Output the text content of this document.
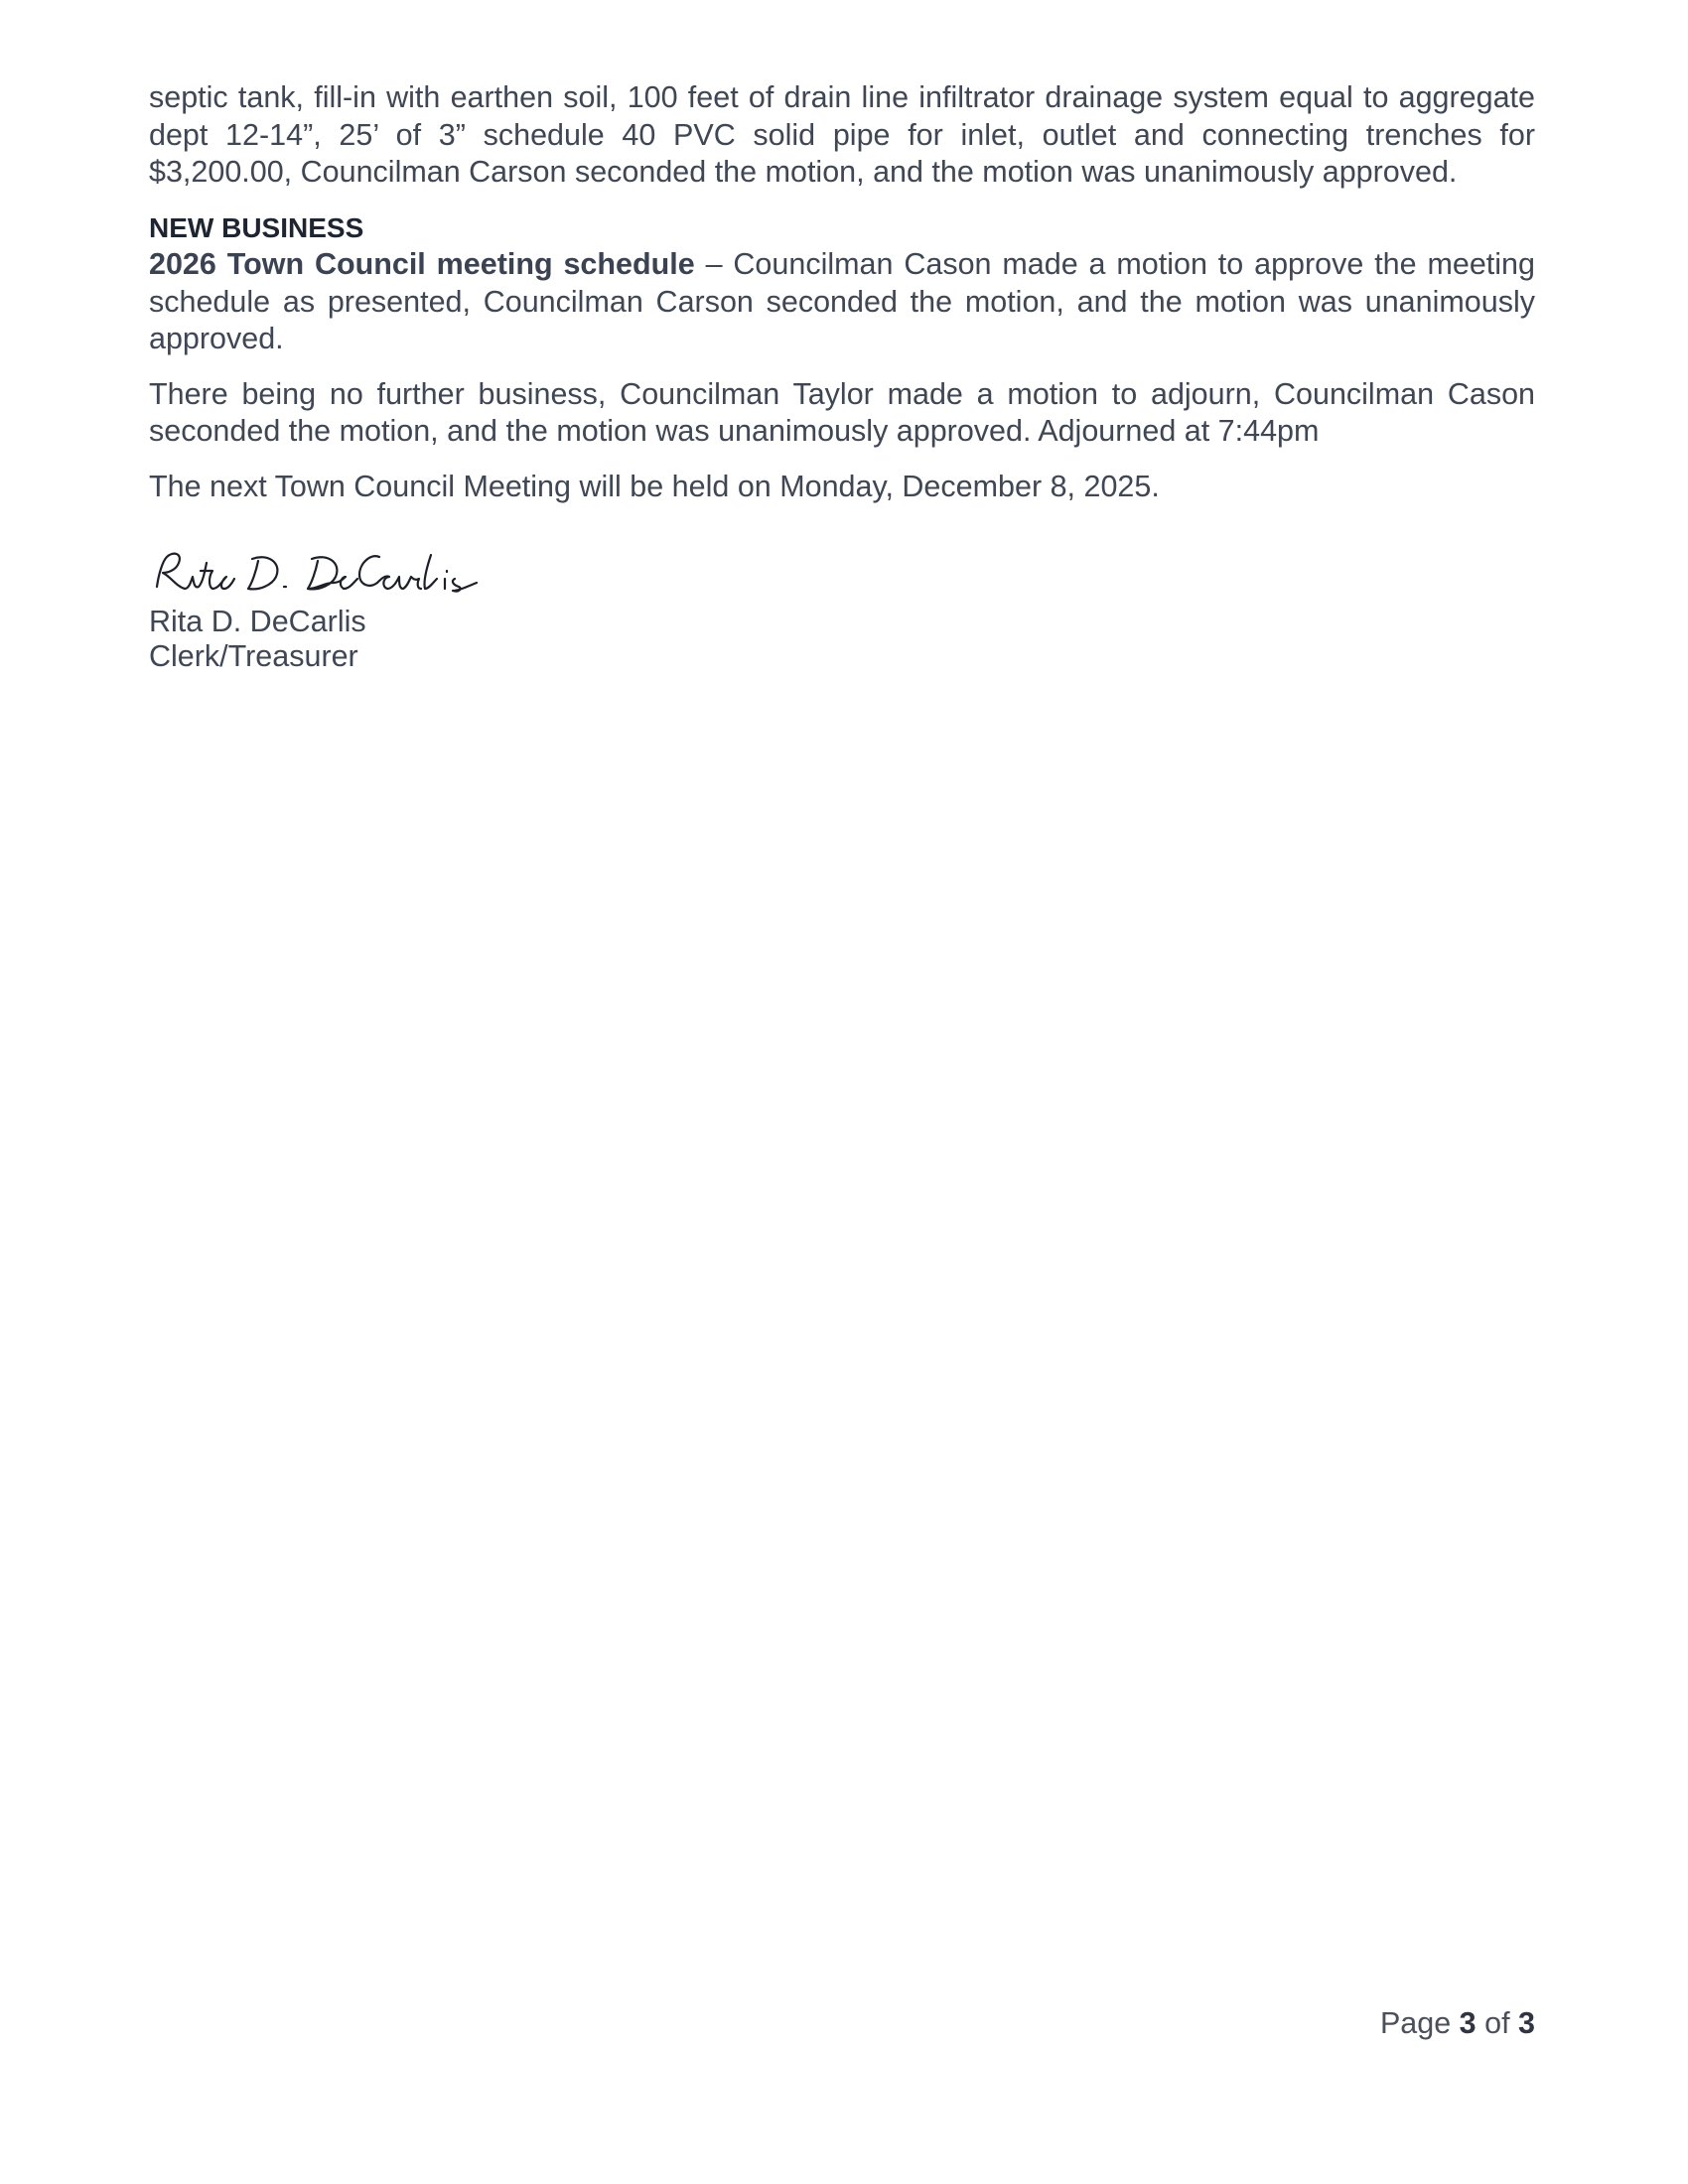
septic tank, fill-in with earthen soil, 100 feet of drain line infiltrator drainage system equal to aggregate dept 12-14”, 25’ of 3” schedule 40 PVC solid pipe for inlet, outlet and connecting trenches for $3,200.00, Councilman Carson seconded the motion, and the motion was unanimously approved.

NEW BUSINESS

2026 Town Council meeting schedule – Councilman Cason made a motion to approve the meeting schedule as presented, Councilman Carson seconded the motion, and the motion was unanimously approved.

There being no further business, Councilman Taylor made a motion to adjourn, Councilman Cason seconded the motion, and the motion was unanimously approved. Adjourned at 7:44pm

The next Town Council Meeting will be held on Monday, December 8, 2025.

Rita D. DeCarlis

Clerk/Treasurer

Page 3 of 3
